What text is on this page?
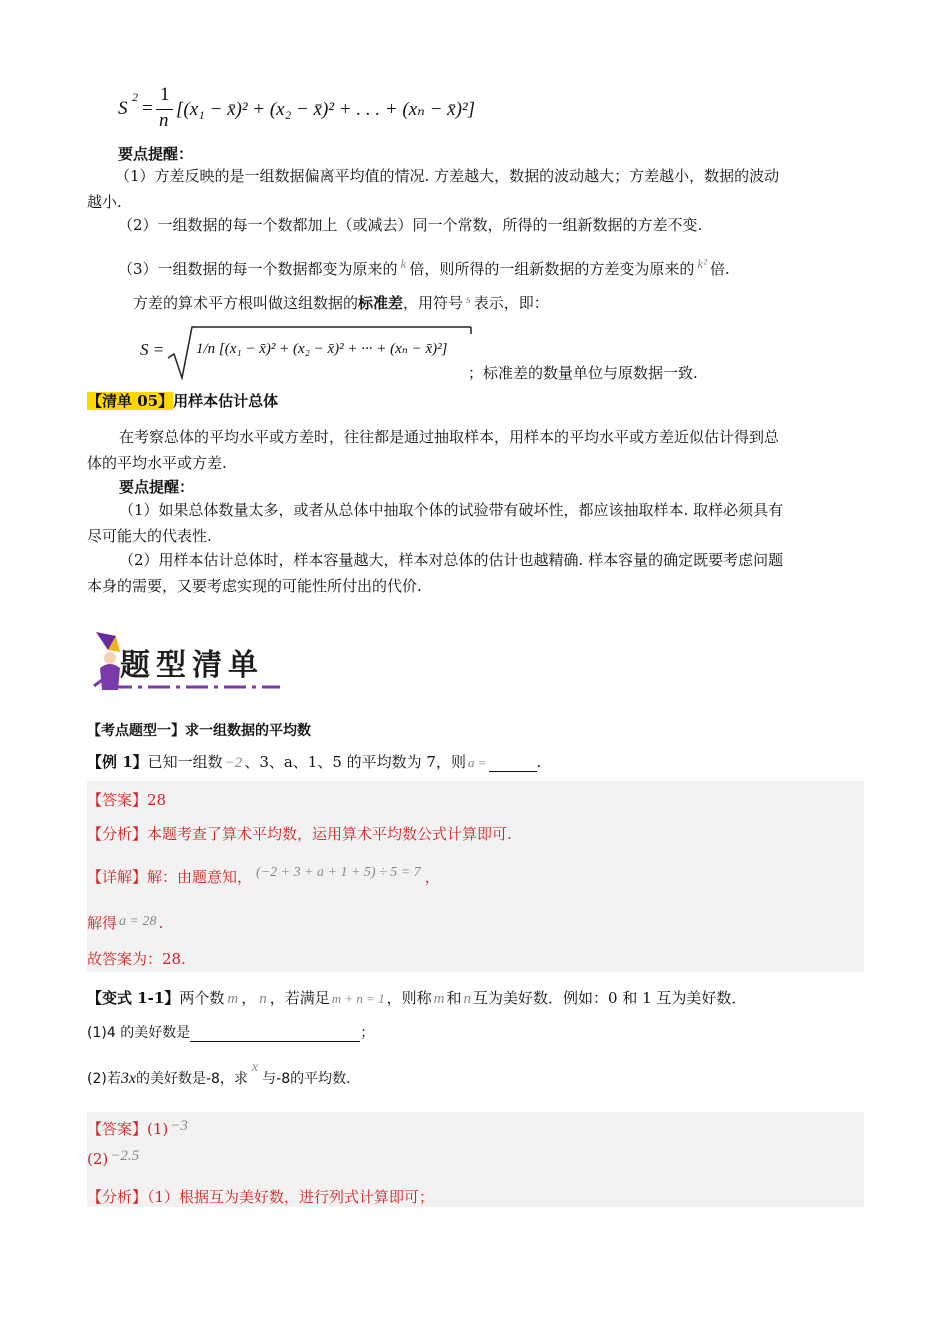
S
2
=
1
n
[(x₁ − x̄)² + (x₂ − x̄)² + . . . + (xₙ − x̄)²]
要点提醒：
（1）方差反映的是一组数据偏离平均值的情况. 方差越大，数据的波动越大；方差越小，数据的波动
越小.
（2）一组数据的每一个数都加上（或减去）同一个常数，所得的一组新数据的方差不变.
（3）一组数据的每一个数据都变为原来的 k 倍，则所得的一组新数据的方差变为原来的 k² 倍.
方差的算术平方根叫做这组数据的标准差，用符号 $^s$ 表示，即：
S = 1/n [(x₁ − x̄)² + (x₂ − x̄)² + ··· + (xₙ − x̄)²]
；标准差的数量单位与原数据一致.
【清单 05】用样本估计总体
在考察总体的平均水平或方差时，往往都是通过抽取样本，用样本的平均水平或方差近似估计得到总
体的平均水平或方差.
要点提醒：
（1）如果总体数量太多，或者从总体中抽取个体的试验带有破坏性，都应该抽取样本. 取样必须具有
尽可能大的代表性.
（2）用样本估计总体时，样本容量越大，样本对总体的估计也越精确. 样本容量的确定既要考虑问题
本身的需要，又要考虑实现的可能性所付出的代价.
题型清单
【考点题型一】求一组数据的平均数
【例 1】已知一组数 −2 、3、a、1、5 的平均数为 7，则 a =	.
【答案】28
【分析】本题考查了算术平均数，运用算术平均数公式计算即可.
【详解】解：由题意知， (−2 + 3 + a + 1 + 5) ÷ 5 = 7 ，
解得 a = 28 .
故答案为：28.
【变式 1-1】两个数 m ， n ，若满足 m + n = 1 ，则称 m 和 n 互为美好数．例如：0 和 1 互为美好数．
(1)4 的美好数是	；
(2)若3x的美好数是-8，求x与-8的平均数．
【答案】(1) −3
(2) −2.5
【分析】（1）根据互为美好数，进行列式计算即可；
